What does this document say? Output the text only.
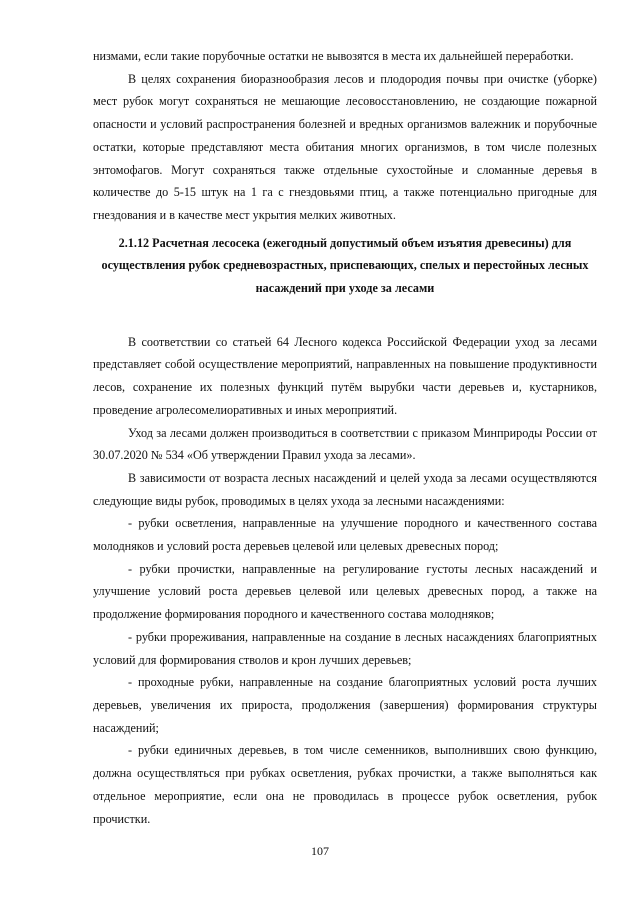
низмами, если такие порубочные остатки не вывозятся в места их дальнейшей переработки.

В целях сохранения биоразнообразия лесов и плодородия почвы при очистке (уборке) мест рубок могут сохраняться не мешающие лесовосстановлению, не создающие пожарной опасности и условий распространения болезней и вредных организмов валежник и порубочные остатки, которые представляют места обитания многих организмов, в том числе полезных энтомофагов. Могут сохраняться также отдельные сухостойные и сломанные деревья в количестве до 5-15 штук на 1 га с гнездовьями птиц, а также потенциально пригодные для гнездования и в качестве мест укрытия мелких животных.

2.1.12 Расчетная лесосека (ежегодный допустимый объем изъятия древесины) для осуществления рубок средневозрастных, приспевающих, спелых и перестойных лесных насаждений при уходе за лесами

В соответствии со статьей 64 Лесного кодекса Российской Федерации уход за лесами представляет собой осуществление мероприятий, направленных на повышение продуктивности лесов, сохранение их полезных функций путём вырубки части деревьев и, кустарников, проведение агролесомелиоративных и иных мероприятий.

Уход за лесами должен производиться в соответствии с приказом Минприроды России от 30.07.2020 № 534 «Об утверждении Правил ухода за лесами».

В зависимости от возраста лесных насаждений и целей ухода за лесами осуществляются следующие виды рубок, проводимых в целях ухода за лесными насаждениями:

- рубки осветления, направленные на улучшение породного и качественного состава молодняков и условий роста деревьев целевой или целевых древесных пород;

- рубки прочистки, направленные на регулирование густоты лесных насаждений и улучшение условий роста деревьев целевой или целевых древесных пород, а также на продолжение формирования породного и качественного состава молодняков;

- рубки прореживания, направленные на создание в лесных насаждениях благоприятных условий для формирования стволов и крон лучших деревьев;

- проходные рубки, направленные на создание благоприятных условий роста лучших деревьев, увеличения их прироста, продолжения (завершения) формирования структуры насаждений;

- рубки единичных деревьев, в том числе семенников, выполнивших свою функцию, должна осуществляться при рубках осветления, рубках прочистки, а также выполняться как отдельное мероприятие, если она не проводилась в процессе рубок осветления, рубок прочистки.

107
